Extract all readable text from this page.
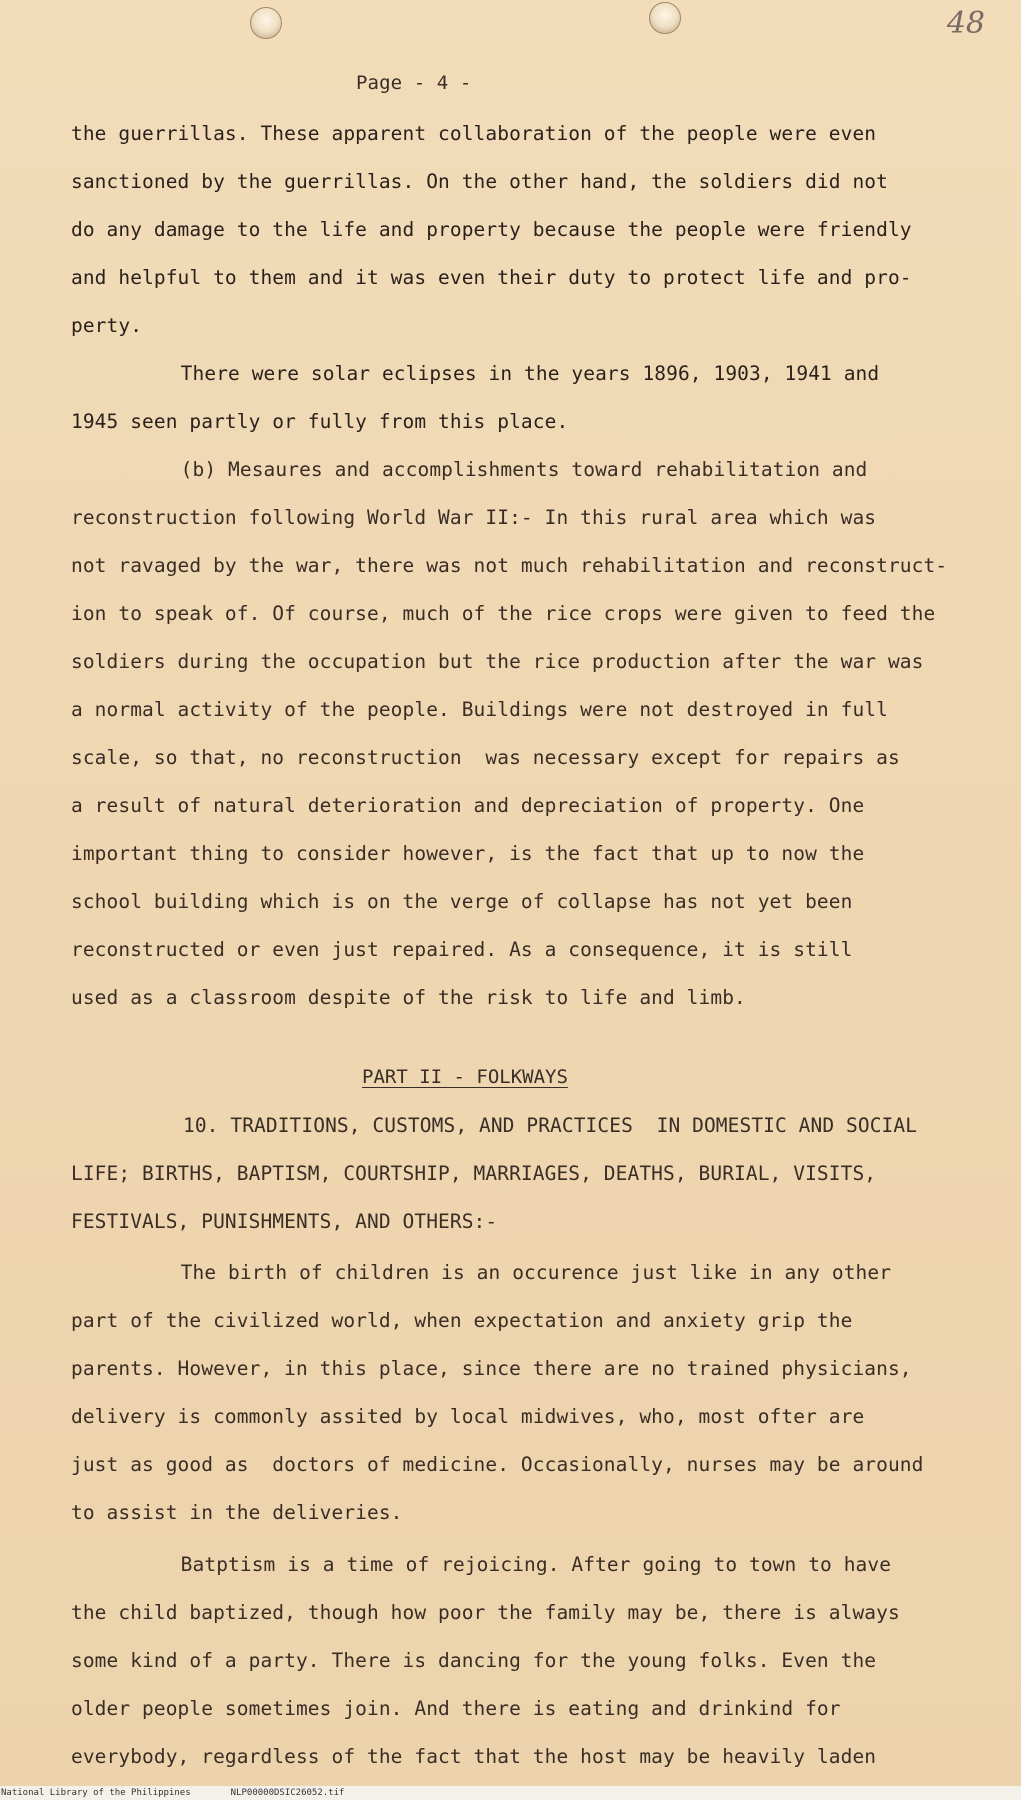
48
Page - 4 -
the guerrillas. These apparent collaboration of the people were even
sanctioned by the guerrillas. On the other hand, the soldiers did not
do any damage to the life and property because the people were friendly
and helpful to them and it was even their duty to protect life and pro-
perty.
There were solar eclipses in the years 1896, 1903, 1941 and
1945 seen partly or fully from this place.
(b) Mesaures and accomplishments toward rehabilitation and
reconstruction following World War II:- In this rural area which was
not ravaged by the war, there was not much rehabilitation and reconstruct-
ion to speak of. Of course, much of the rice crops were given to feed the
soldiers during the occupation but the rice production after the war was
a normal activity of the people. Buildings were not destroyed in full
scale, so that, no reconstruction  was necessary except for repairs as
a result of natural deterioration and depreciation of property. One
important thing to consider however, is the fact that up to now the
school building which is on the verge of collapse has not yet been
reconstructed or even just repaired. As a consequence, it is still
used as a classroom despite of the risk to life and limb.
PART II - FOLKWAYS
10. TRADITIONS, CUSTOMS, AND PRACTICES  IN DOMESTIC AND SOCIAL
LIFE; BIRTHS, BAPTISM, COURTSHIP, MARRIAGES, DEATHS, BURIAL, VISITS,
FESTIVALS, PUNISHMENTS, AND OTHERS:-
The birth of children is an occurence just like in any other
part of the civilized world, when expectation and anxiety grip the
parents. However, in this place, since there are no trained physicians,
delivery is commonly assited by local midwives, who, most ofter are
just as good as  doctors of medicine. Occasionally, nurses may be around
to assist in the deliveries.
Batptism is a time of rejoicing. After going to town to have
the child baptized, though how poor the family may be, there is always
some kind of a party. There is dancing for the young folks. Even the
older people sometimes join. And there is eating and drinkind for
everybody, regardless of the fact that the host may be heavily laden
National Library of the Philippines	NLP00000DSIC26052.tif
